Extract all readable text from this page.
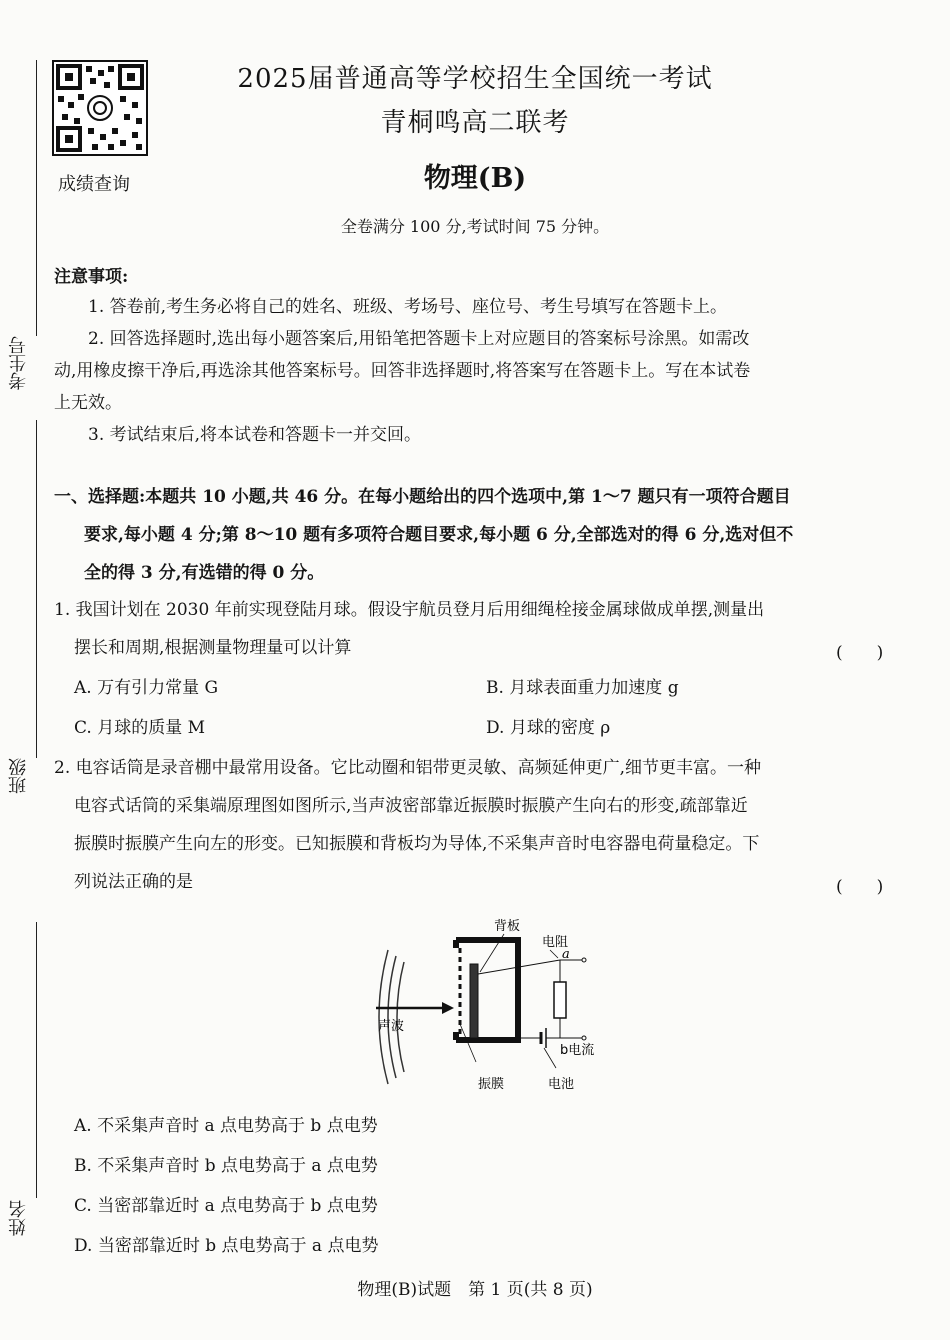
成绩查询
2025届普通高等学校招生全国统一考试
青桐鸣高二联考
物理(B)
全卷满分 100 分,考试时间 75 分钟。
考生号
班级
姓名
注意事项:
1. 答卷前,考生务必将自己的姓名、班级、考场号、座位号、考生号填写在答题卡上。
2. 回答选择题时,选出每小题答案后,用铅笔把答题卡上对应题目的答案标号涂黑。如需改
动,用橡皮擦干净后,再选涂其他答案标号。回答非选择题时,将答案写在答题卡上。写在本试卷
上无效。
3. 考试结束后,将本试卷和答题卡一并交回。
一、选择题:本题共 10 小题,共 46 分。在每小题给出的四个选项中,第 1～7 题只有一项符合题目
要求,每小题 4 分;第 8～10 题有多项符合题目要求,每小题 6 分,全部选对的得 6 分,选对但不
全的得 3 分,有选错的得 0 分。
1. 我国计划在 2030 年前实现登陆月球。假设宇航员登月后用细绳栓接金属球做成单摆,测量出
摆长和周期,根据测量物理量可以计算	(　　)
A. 万有引力常量 G	B. 月球表面重力加速度 g
C. 月球的质量 M	D. 月球的密度 ρ
2. 电容话筒是录音棚中最常用设备。它比动圈和铝带更灵敏、高频延伸更广,细节更丰富。一种
电容式话筒的采集端原理图如图所示,当声波密部靠近振膜时振膜产生向右的形变,疏部靠近
振膜时振膜产生向左的形变。已知振膜和背板均为导体,不采集声音时电容器电荷量稳定。下
列说法正确的是	(　　)
背板
电阻
a
声波
b电流
振膜	电池
A. 不采集声音时 a 点电势高于 b 点电势
B. 不采集声音时 b 点电势高于 a 点电势
C. 当密部靠近时 a 点电势高于 b 点电势
D. 当密部靠近时 b 点电势高于 a 点电势
物理(B)试题　第 1 页(共 8 页)
